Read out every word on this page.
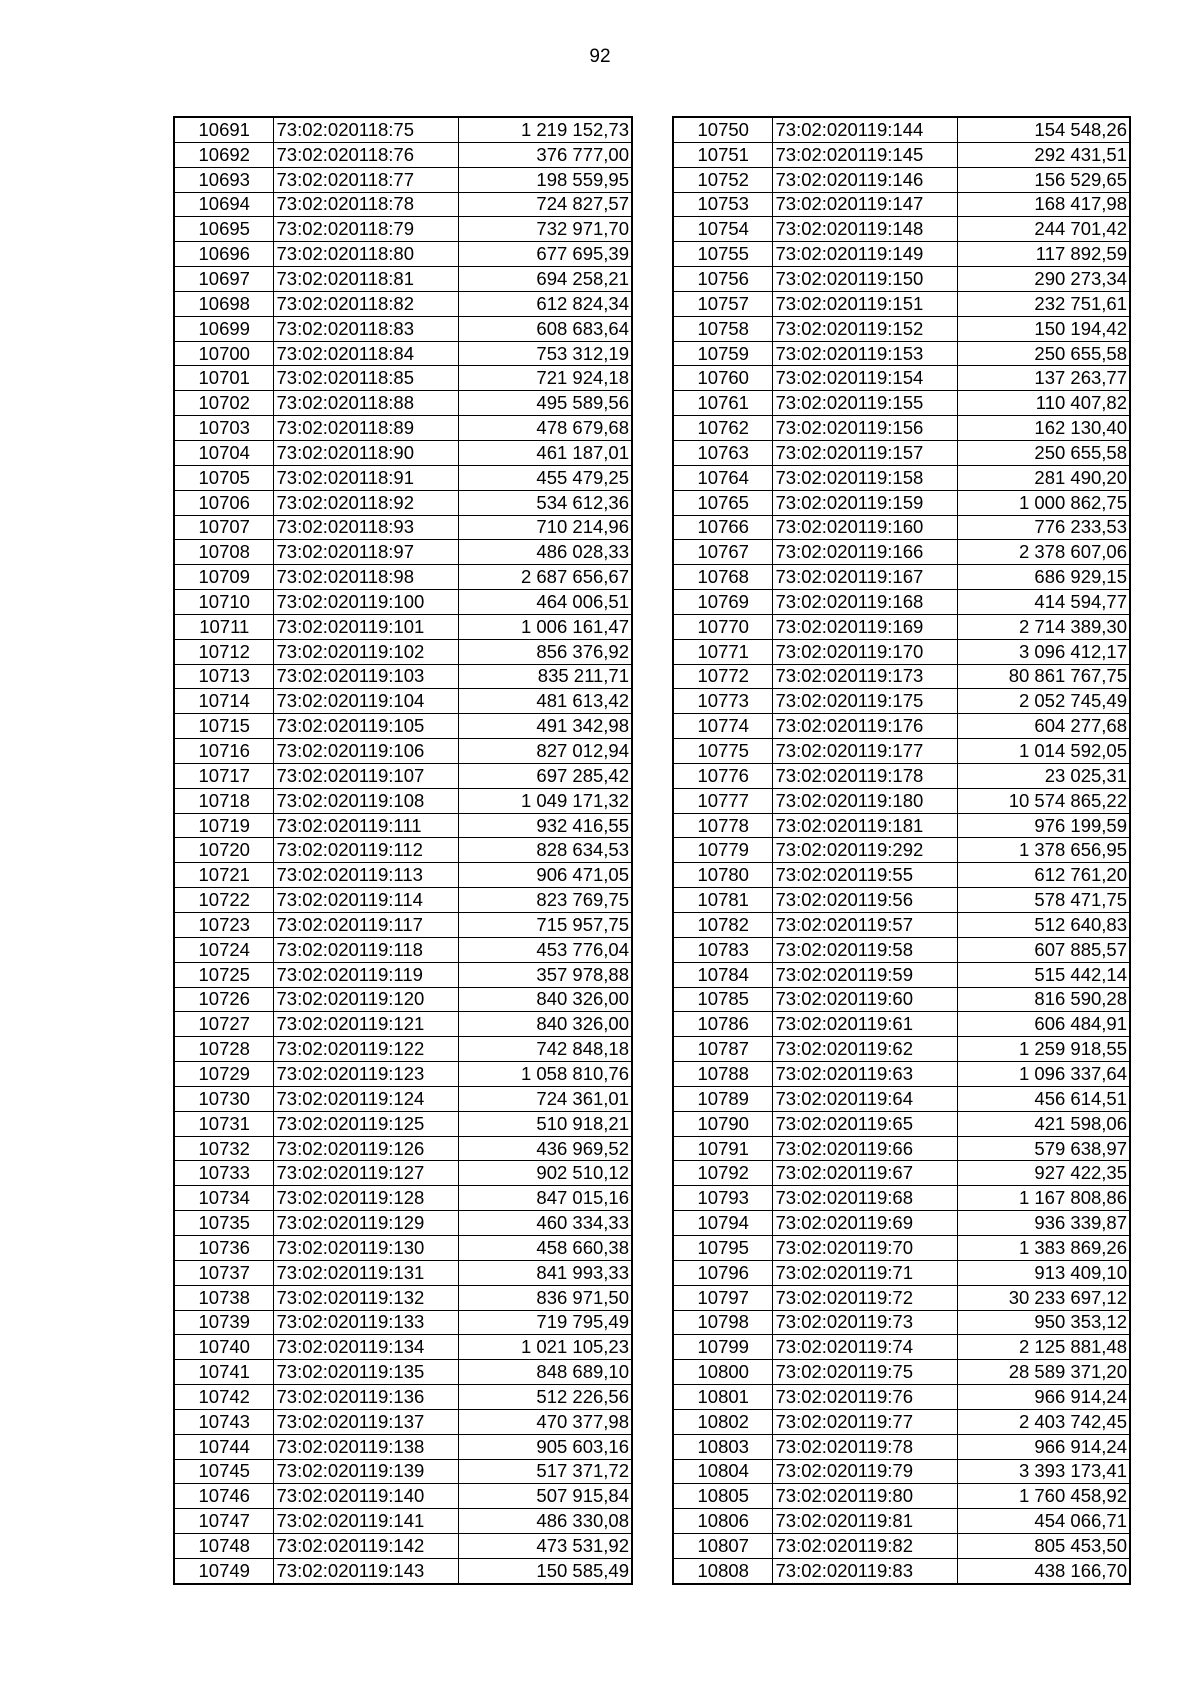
92
10691	73:02:020118:75	1 219 152,73
10692	73:02:020118:76	376 777,00
10693	73:02:020118:77	198 559,95
10694	73:02:020118:78	724 827,57
10695	73:02:020118:79	732 971,70
10696	73:02:020118:80	677 695,39
10697	73:02:020118:81	694 258,21
10698	73:02:020118:82	612 824,34
10699	73:02:020118:83	608 683,64
10700	73:02:020118:84	753 312,19
10701	73:02:020118:85	721 924,18
10702	73:02:020118:88	495 589,56
10703	73:02:020118:89	478 679,68
10704	73:02:020118:90	461 187,01
10705	73:02:020118:91	455 479,25
10706	73:02:020118:92	534 612,36
10707	73:02:020118:93	710 214,96
10708	73:02:020118:97	486 028,33
10709	73:02:020118:98	2 687 656,67
10710	73:02:020119:100	464 006,51
10711	73:02:020119:101	1 006 161,47
10712	73:02:020119:102	856 376,92
10713	73:02:020119:103	835 211,71
10714	73:02:020119:104	481 613,42
10715	73:02:020119:105	491 342,98
10716	73:02:020119:106	827 012,94
10717	73:02:020119:107	697 285,42
10718	73:02:020119:108	1 049 171,32
10719	73:02:020119:111	932 416,55
10720	73:02:020119:112	828 634,53
10721	73:02:020119:113	906 471,05
10722	73:02:020119:114	823 769,75
10723	73:02:020119:117	715 957,75
10724	73:02:020119:118	453 776,04
10725	73:02:020119:119	357 978,88
10726	73:02:020119:120	840 326,00
10727	73:02:020119:121	840 326,00
10728	73:02:020119:122	742 848,18
10729	73:02:020119:123	1 058 810,76
10730	73:02:020119:124	724 361,01
10731	73:02:020119:125	510 918,21
10732	73:02:020119:126	436 969,52
10733	73:02:020119:127	902 510,12
10734	73:02:020119:128	847 015,16
10735	73:02:020119:129	460 334,33
10736	73:02:020119:130	458 660,38
10737	73:02:020119:131	841 993,33
10738	73:02:020119:132	836 971,50
10739	73:02:020119:133	719 795,49
10740	73:02:020119:134	1 021 105,23
10741	73:02:020119:135	848 689,10
10742	73:02:020119:136	512 226,56
10743	73:02:020119:137	470 377,98
10744	73:02:020119:138	905 603,16
10745	73:02:020119:139	517 371,72
10746	73:02:020119:140	507 915,84
10747	73:02:020119:141	486 330,08
10748	73:02:020119:142	473 531,92
10749	73:02:020119:143	150 585,49
10750	73:02:020119:144	154 548,26
10751	73:02:020119:145	292 431,51
10752	73:02:020119:146	156 529,65
10753	73:02:020119:147	168 417,98
10754	73:02:020119:148	244 701,42
10755	73:02:020119:149	117 892,59
10756	73:02:020119:150	290 273,34
10757	73:02:020119:151	232 751,61
10758	73:02:020119:152	150 194,42
10759	73:02:020119:153	250 655,58
10760	73:02:020119:154	137 263,77
10761	73:02:020119:155	110 407,82
10762	73:02:020119:156	162 130,40
10763	73:02:020119:157	250 655,58
10764	73:02:020119:158	281 490,20
10765	73:02:020119:159	1 000 862,75
10766	73:02:020119:160	776 233,53
10767	73:02:020119:166	2 378 607,06
10768	73:02:020119:167	686 929,15
10769	73:02:020119:168	414 594,77
10770	73:02:020119:169	2 714 389,30
10771	73:02:020119:170	3 096 412,17
10772	73:02:020119:173	80 861 767,75
10773	73:02:020119:175	2 052 745,49
10774	73:02:020119:176	604 277,68
10775	73:02:020119:177	1 014 592,05
10776	73:02:020119:178	23 025,31
10777	73:02:020119:180	10 574 865,22
10778	73:02:020119:181	976 199,59
10779	73:02:020119:292	1 378 656,95
10780	73:02:020119:55	612 761,20
10781	73:02:020119:56	578 471,75
10782	73:02:020119:57	512 640,83
10783	73:02:020119:58	607 885,57
10784	73:02:020119:59	515 442,14
10785	73:02:020119:60	816 590,28
10786	73:02:020119:61	606 484,91
10787	73:02:020119:62	1 259 918,55
10788	73:02:020119:63	1 096 337,64
10789	73:02:020119:64	456 614,51
10790	73:02:020119:65	421 598,06
10791	73:02:020119:66	579 638,97
10792	73:02:020119:67	927 422,35
10793	73:02:020119:68	1 167 808,86
10794	73:02:020119:69	936 339,87
10795	73:02:020119:70	1 383 869,26
10796	73:02:020119:71	913 409,10
10797	73:02:020119:72	30 233 697,12
10798	73:02:020119:73	950 353,12
10799	73:02:020119:74	2 125 881,48
10800	73:02:020119:75	28 589 371,20
10801	73:02:020119:76	966 914,24
10802	73:02:020119:77	2 403 742,45
10803	73:02:020119:78	966 914,24
10804	73:02:020119:79	3 393 173,41
10805	73:02:020119:80	1 760 458,92
10806	73:02:020119:81	454 066,71
10807	73:02:020119:82	805 453,50
10808	73:02:020119:83	438 166,70
